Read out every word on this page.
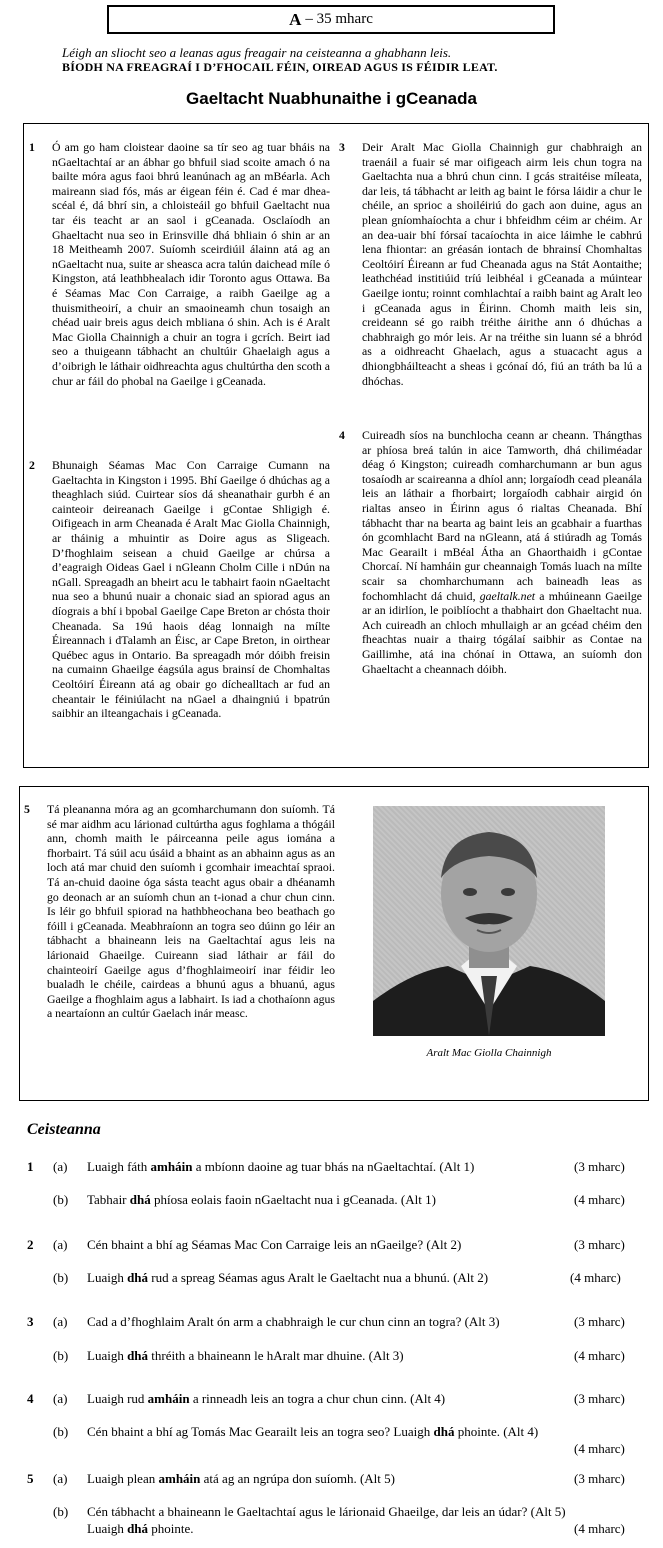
A – 35 mharc
Léigh an sliocht seo a leanas agus freagair na ceisteanna a ghabhann leis.
BÍODH NA FREAGRAÍ I D’FHOCAIL FÉIN, OIREAD AGUS IS FÉIDIR LEAT.
Gaeltacht Nuabhunaithe i gCeanada
1 Ó am go ham cloistear daoine sa tír seo ag tuar bháis na nGaeltachtaí ar an ábhar go bhfuil siad scoite amach ó na bailte móra agus faoi bhrú leanúnach ag an mBéarla. Ach maireann siad fós, más ar éigean féin é. Cad é mar dhea-scéal é, dá bhrí sin, a chloisteáil go bhfuil Gaeltacht nua tar éis teacht ar an saol i gCeanada. Osclaíodh an Ghaeltacht nua seo in Erinsville dhá bhliain ó shin ar an 18 Meitheamh 2007. Suíomh sceirdiúil álainn atá ag an nGaeltacht nua, suite ar sheasca acra talún daichead míle ó Kingston, atá leathbhealach idir Toronto agus Ottawa. Ba é Séamas Mac Con Carraige, a raibh Gaeilge ag a thuismitheoirí, a chuir an smaoineamh chun tosaigh an chéad uair breis agus deich mbliana ó shin. Ach is é Aralt Mac Giolla Chainnigh a chuir an togra i gcrích. Beirt iad seo a thuigeann tábhacht an chultúir Ghaelaigh agus a d’oibrigh le láthair oidhreachta agus chultúrtha den scoth a chur ar fáil do phobal na Gaeilge i gCeanada.
2 Bhunaigh Séamas Mac Con Carraige Cumann na Gaeltachta in Kingston i 1995. Bhí Gaeilge ó dhúchas ag a theaghlach siúd. Cuirtear síos dá sheanathair gurbh é an cainteoir deireanach Gaeilge i gContae Shligigh é. Oifigeach in arm Cheanada é Aralt Mac Giolla Chainnigh, ar tháinig a mhuintir as Doire agus as Sligeach. D’fhoghlaim seisean a chuid Gaeilge ar chúrsa a d’eagraigh Oideas Gael i nGleann Cholm Cille i nDún na nGall. Spreagadh an bheirt acu le tabhairt faoin nGaeltacht nua seo a bhunú nuair a chonaic siad an spiorad agus an díograis a bhí i bpobal Gaeilge Cape Breton ar chósta thoir Cheanada. Sa 19ú haois déag lonnaigh na mílte Éireannach i dTalamh an Éisc, ar Cape Breton, in oirthear Québec agus in Ontario. Ba spreagadh mór dóibh freisin na cumainn Ghaeilge éagsúla agus brainsí de Chomhaltas Ceoltóirí Éireann atá ag obair go díchealltach ar fud an cheantair le féiniúlacht na nGael a dhaingniú i bpatrún saibhir an ilteangachais i gCeanada.
3 Deir Aralt Mac Giolla Chainnigh gur chabhraigh an traenáil a fuair sé mar oifigeach airm leis chun togra na Gaeltachta nua a bhrú chun cinn. I gcás straitéise míleata, dar leis, tá tábhacht ar leith ag baint le fórsa láidir a chur le chéile, an sprioc a shoiléiriú do gach aon duine, agus an plean gníomhaíochta a chur i bhfeidhm céim ar chéim. Ar an dea-uair bhí fórsaí tacaíochta in aice láimhe le cabhrú lena fhiontar: an gréasán iontach de bhrainsí Chomhaltas Ceoltóirí Éireann ar fud Cheanada agus na Stát Aontaithe; leathchéad institiúid tríú leibhéal i gCeanada a múintear Gaeilge iontu; roinnt comhlachtaí a raibh baint ag Aralt leo i gCeanada agus in Éirinn. Chomh maith leis sin, creideann sé go raibh tréithe áirithe ann ó dhúchas a chabhraigh go mór leis. Ar na tréithe sin luann sé a bhród as a oidhreacht Ghaelach, agus a stuacacht agus a dhiongbháilteacht a sheas i gcónaí dó, fiú an tráth ba lú a dhóchas.
4 Cuireadh síos na bunchlocha ceann ar cheann. Thángthas ar phíosa breá talún in aice Tamworth, dhá chiliméadar déag ó Kingston; cuireadh comharchumann ar bun agus tosaíodh ar scaireanna a dhíol ann; lorgaíodh cead pleanála leis an láthair a fhorbairt; lorgaíodh cabhair airgid ón rialtas anseo in Éirinn agus ó rialtas Cheanada. Bhí tábhacht thar na bearta ag baint leis an gcabhair a fuarthas ón gcomhlacht Bard na nGleann, atá á stiúradh ag Tomás Mac Gearailt i mBéal Átha an Ghaorthaidh i gContae Chorcaí. Ní hamháin gur cheannaigh Tomás luach na mílte scair sa chomharchumann ach baineadh leas as fochomhlacht dá chuid, gaeltalk.net a mhúineann Gaeilge ar an idirlíon, le poiblíocht a thabhairt don Ghaeltacht nua. Ach cuireadh an chloch mhullaigh ar an gcéad chéim den fheachtas nuair a thairg tógálaí saibhir as Contae na Gaillimhe, atá ina chónaí in Ottawa, an suíomh don Ghaeltacht a cheannach dóibh.
5 Tá pleananna móra ag an gcomharchumann don suíomh. Tá sé mar aidhm acu lárionad cultúrtha agus foghlama a thógáil ann, chomh maith le páirceanna peile agus iomána a fhorbairt. Tá súil acu úsáid a bhaint as an abhainn agus as an loch atá mar chuid den suíomh i gcomhair imeachtaí spraoi. Tá an-chuid daoine óga sásta teacht agus obair a dhéanamh go deonach ar an suíomh chun an t-ionad a chur chun cinn. Is léir go bhfuil spiorad na hathbheochana beo beathach go fóill i gCeanada. Meabhraíonn an togra seo dúinn go léir an tábhacht a bhaineann leis na Gaeltachtaí agus leis na lárionaid Ghaeilge. Cuireann siad láthair ar fáil do chainteoirí Gaeilge agus d’fhoghlaimeoirí inar féidir leo bualadh le chéile, cairdeas a bhunú agus a bhuanú, agus Gaeilge a fhoghlaim agus a labhairt. Is iad a chothaíonn agus a neartaíonn an cultúr Gaelach inár measc.
Aralt Mac Giolla Chainnigh
Ceisteanna
1 (a) Luaigh fáth amháin a mbíonn daoine ag tuar bhás na nGaeltachtaí. (Alt 1)	(3 mharc)
(b) Tabhair dhá phíosa eolais faoin nGaeltacht nua i gCeanada. (Alt 1)	(4 mharc)
2 (a) Cén bhaint a bhí ag Séamas Mac Con Carraige leis an nGaeilge? (Alt 2)	(3 mharc)
(b) Luaigh dhá rud a spreag Séamas agus Aralt le Gaeltacht nua a bhunú. (Alt 2)	(4 mharc)
3 (a) Cad a d’fhoghlaim Aralt ón arm a chabhraigh le cur chun cinn an togra? (Alt 3)	(3 mharc)
(b) Luaigh dhá thréith a bhaineann le hAralt mar dhuine. (Alt 3)	(4 mharc)
4 (a) Luaigh rud amháin a rinneadh leis an togra a chur chun cinn. (Alt 4)	(3 mharc)
(b) Cén bhaint a bhí ag Tomás Mac Gearailt leis an togra seo? Luaigh dhá phointe. (Alt 4)
(4 mharc)
5 (a) Luaigh plean amháin atá ag an ngrúpa don suíomh. (Alt 5)	(3 mharc)
(b) Cén tábhacht a bhaineann le Gaeltachtaí agus le lárionaid Ghaeilge, dar leis an údar? (Alt 5)
Luaigh dhá phointe.	(4 mharc)
